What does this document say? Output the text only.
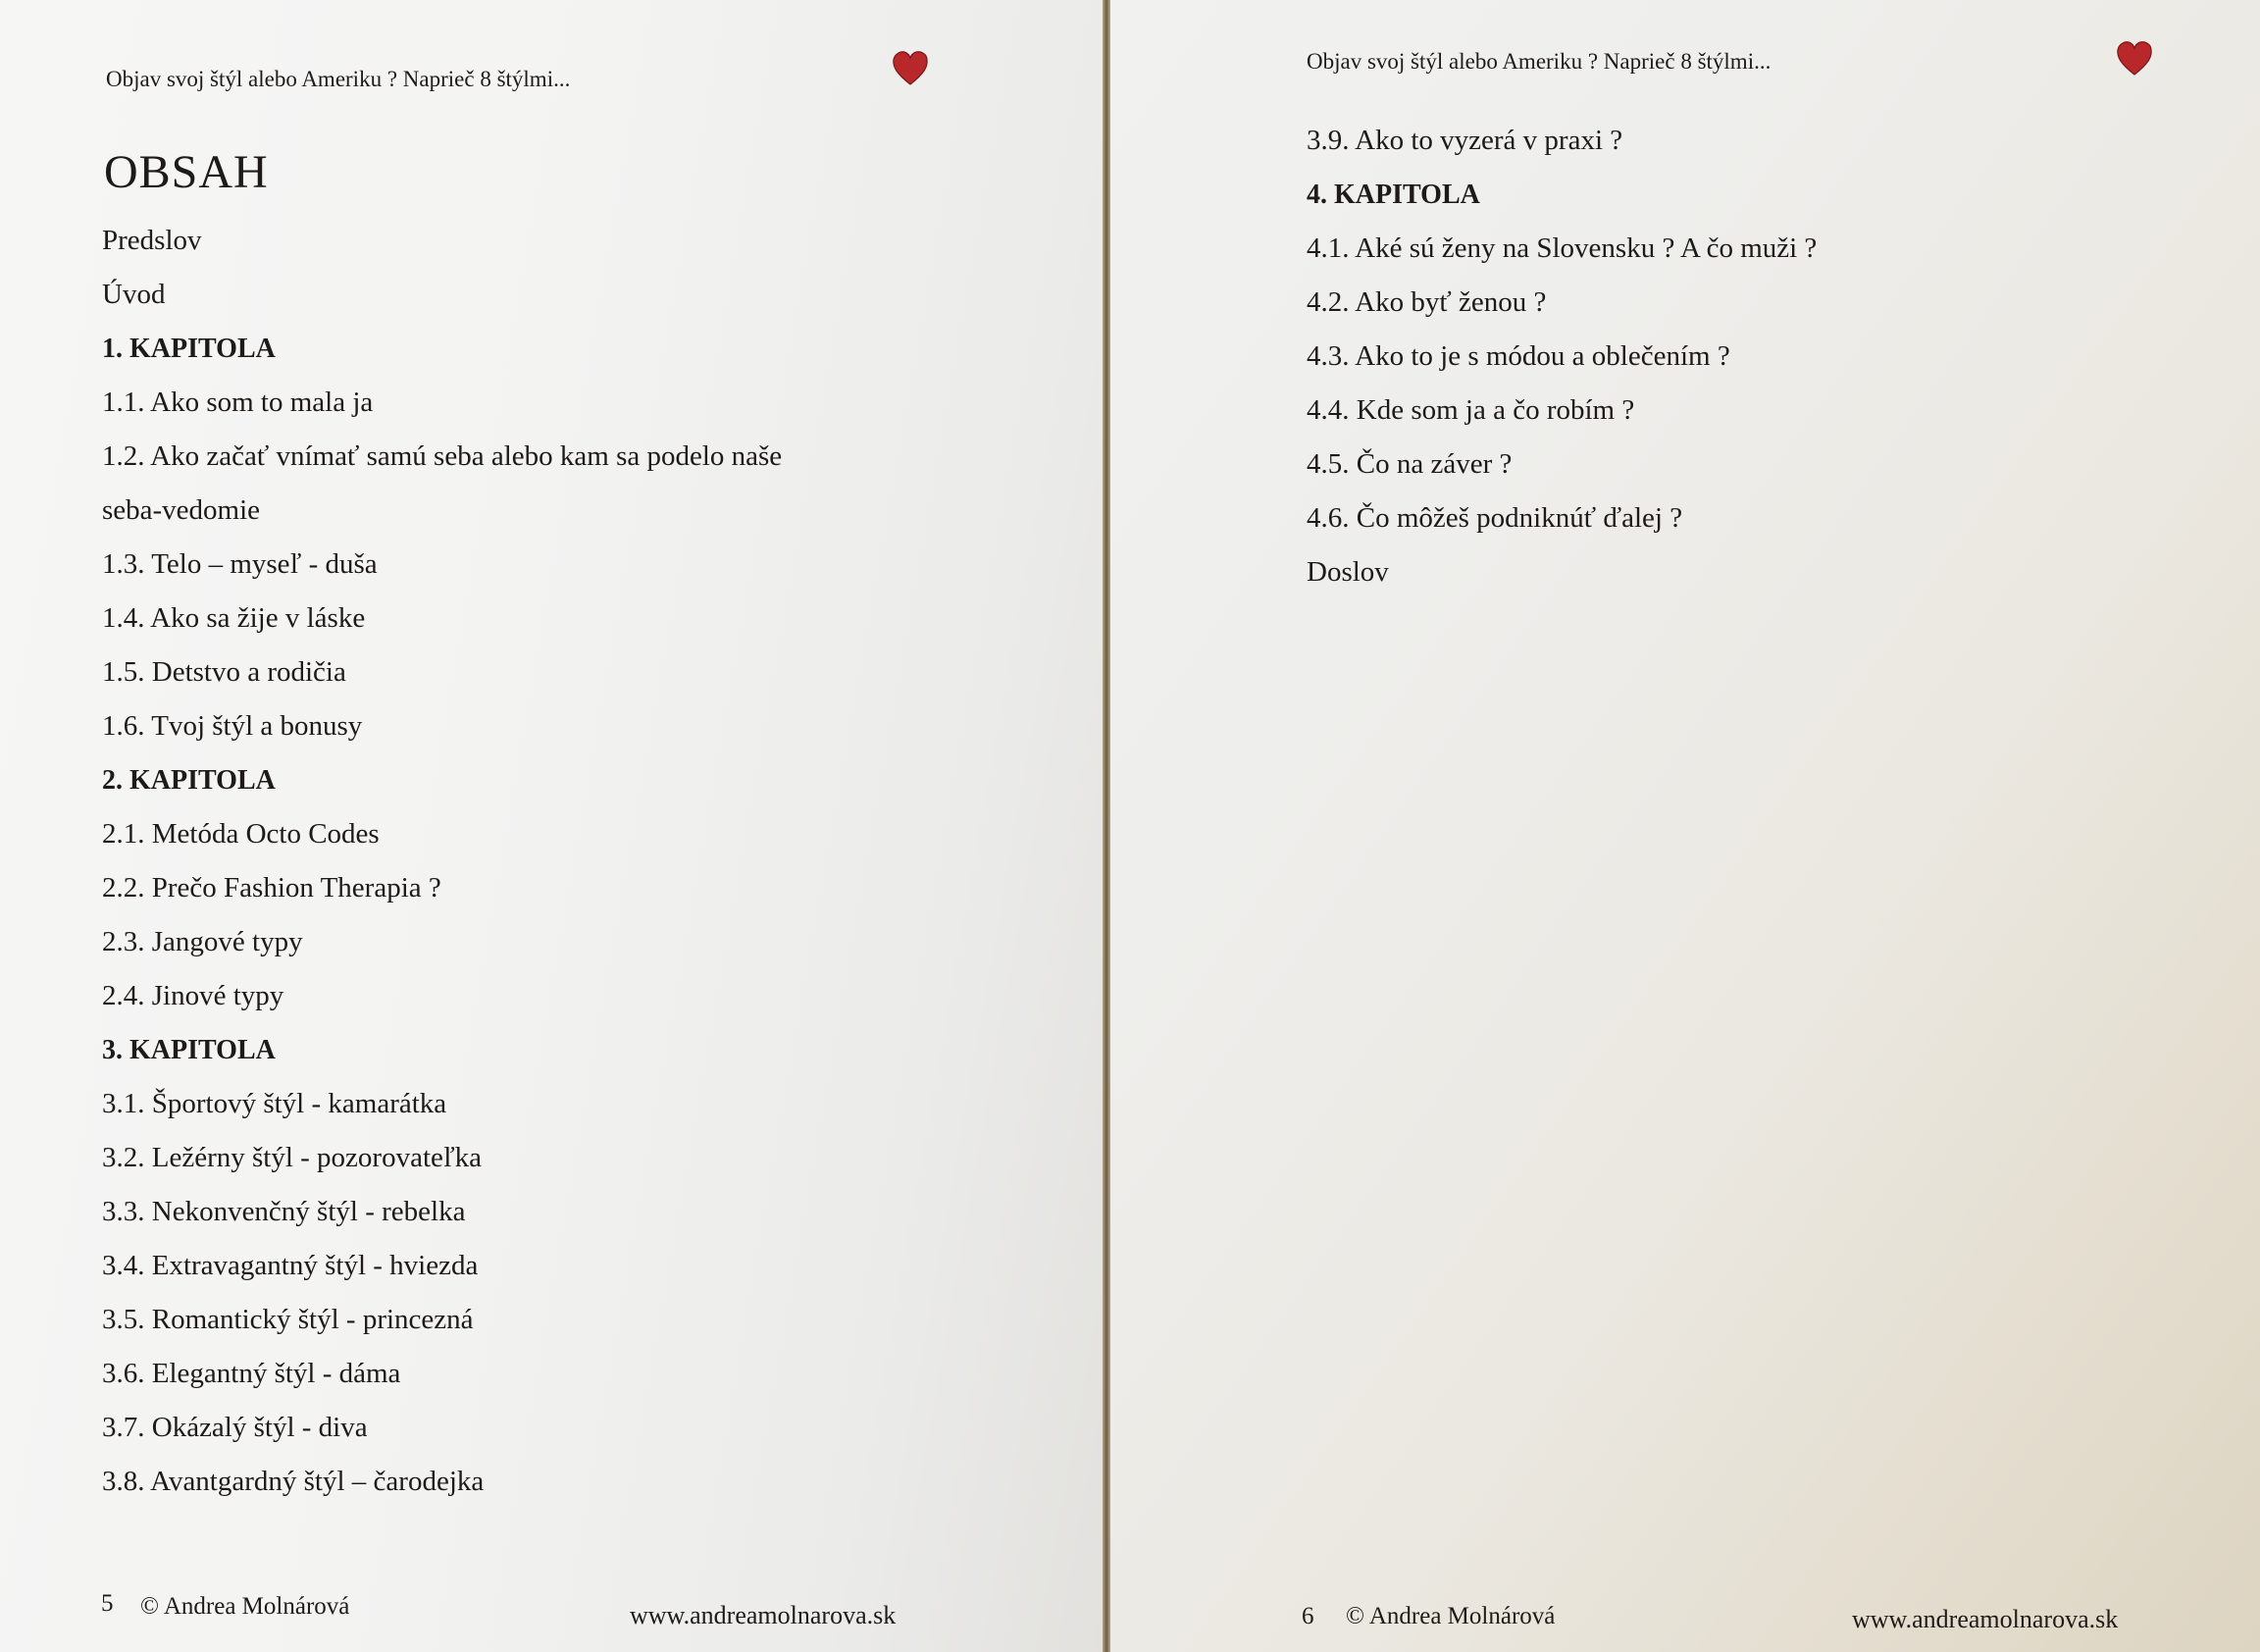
Objav svoj štýl alebo Ameriku ? Naprieč 8 štýlmi...
OBSAH
Predslov
Úvod
1. KAPITOLA
1.1. Ako som to mala ja
1.2. Ako začať vnímať samú seba alebo kam sa podelo naše
seba-vedomie
1.3. Telo – myseľ - duša
1.4. Ako sa žije v láske
1.5. Detstvo a rodičia
1.6. Tvoj štýl a bonusy
2. KAPITOLA
2.1. Metóda Octo Codes
2.2. Prečo Fashion Therapia ?
2.3. Jangové typy
2.4. Jinové typy
3. KAPITOLA
3.1. Športový štýl - kamarátka
3.2. Ležérny štýl - pozorovateľka
3.3. Nekonvenčný štýl - rebelka
3.4. Extravagantný štýl - hviezda
3.5. Romantický štýl - princezná
3.6. Elegantný štýl - dáma
3.7. Okázalý štýl - diva
3.8. Avantgardný štýl – čarodejka
5 © Andrea Molnárová	www.andreamolnarova.sk
Objav svoj štýl alebo Ameriku ? Naprieč 8 štýlmi...
3.9. Ako to vyzerá v praxi ?
4. KAPITOLA
4.1. Aké sú ženy na Slovensku ? A čo muži ?
4.2. Ako byť ženou ?
4.3. Ako to je s módou a oblečením ?
4.4. Kde som ja a čo robím ?
4.5. Čo na záver ?
4.6. Čo môžeš podniknúť ďalej ?
Doslov
6 © Andrea Molnárová	www.andreamolnarova.sk
